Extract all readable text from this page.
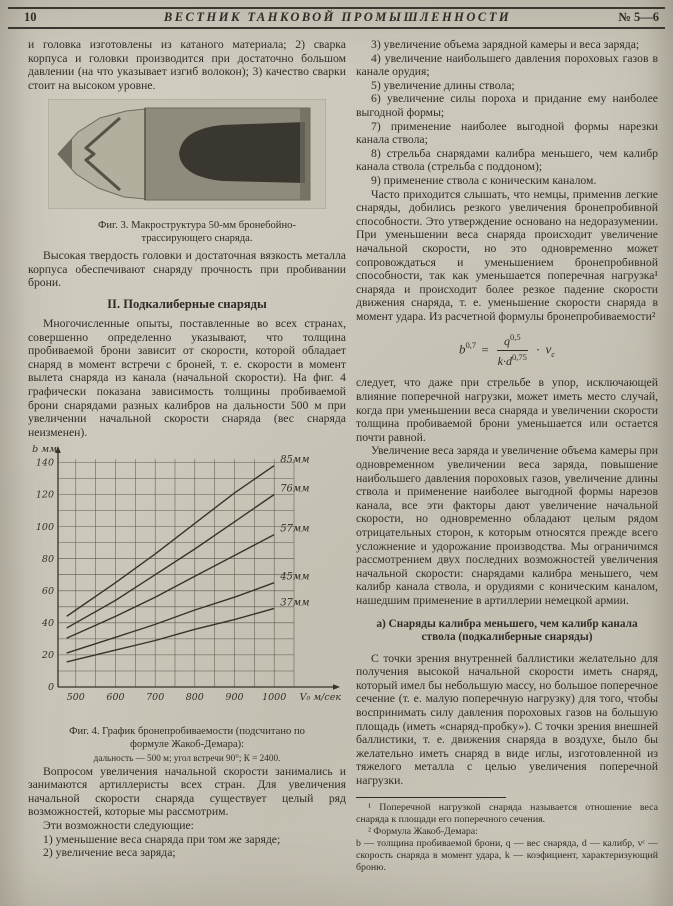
10	ВЕСТНИК ТАНКОВОЙ ПРОМЫШЛЕННОСТИ	№ 5—6

и головка изготовлены из катаного материала; 2) сварка корпуса и головки производится при достаточно большом давлении (на что указывает изгиб волокон); 3) качество сварки стоит на высоком уровне.

Фиг. 3. Макроструктура 50-мм бронебойно-трассирующего снаряда.

Высокая твердость головки и достаточная вязкость металла корпуса обеспечивают снаряду прочность при пробивании брони.

II. Подкалиберные снаряды

Многочисленные опыты, поставленные во всех странах, совершенно определенно указывают, что толщина пробиваемой брони зависит от скорости, которой обладает снаряд в момент встречи с броней, т. е. скорости в момент вылета снаряда из канала (начальной скорости). На фиг. 4 графически показана зависимость толщины пробиваемой брони снарядами разных калибров на дальности 500 м при увеличении начальной скорости снаряда (вес снаряда неизменен).

0
20
40
60
80
100
120
140
500 600 700 800 900 1000
b мм
V₀ м/сек
85мм
76мм
57мм
45мм
37мм
Фиг. 4. График бронепробиваемости (подсчитано по формуле Жакоб-Демара):
дальность — 500 м; угол встречи 90°; К = 2400.

Вопросом увеличения начальной скорости занимались и занимаются артиллеристы всех стран. Для увеличения начальной скорости снаряда существует целый ряд возможностей, которые мы рассмотрим.

Эти возможности следующие:

1) уменьшение веса снаряда при том же заряде;

2) увеличение веса заряда;

3) увеличение объема зарядной камеры и веса заряда;

4) увеличение наибольшего давления пороховых газов в канале орудия;

5) увеличение длины ствола;

6) увеличение силы пороха и придание ему наиболее выгодной формы;

7) применение наиболее выгодной формы нарезки канала ствола;

8) стрельба снарядами калибра меньшего, чем калибр канала ствола (стрельба с поддоном);

9) применение ствола с коническим каналом.

Часто приходится слышать, что немцы, применив легкие снаряды, добились резкого увеличения бронепробивной способности. Это утверждение основано на недоразумении. При уменьшении веса снаряда происходит увеличение начальной скорости, но это одновременно может сопровождаться и уменьшением бронепробивной способности, так как уменьшается поперечная нагрузка¹ снаряда и происходит более резкое падение скорости движения снаряда, т. е. уменьшение скорости снаряда в момент удара. Из расчетной формулы бронепробиваемости²

$b^{0,7} = \frac{q^{0,5}}{k\cdot d^{0,75}} \cdot v_c$

следует, что даже при стрельбе в упор, исключающей влияние поперечной нагрузки, может иметь место случай, когда при уменьшении веса снаряда и увеличении скорости толщина пробиваемой брони уменьшается или остается почти равной.

Увеличение веса заряда и увеличение объема камеры при одновременном увеличении веса заряда, повышение наибольшего давления пороховых газов, увеличение длины ствола и применение наиболее выгодной формы нарезов канала, все эти факторы дают увеличение начальной скорости, но одновременно обладают целым рядом отрицательных сторон, к которым относятся прежде всего усложнение и удорожание производства. Мы ограничимся рассмотрением двух последних возможностей увеличения начальной скорости: снарядами калибра меньшего, чем калибр канала ствола, и орудиями с коническим каналом, нашедшим применение в артиллерии немецкой армии.

а) Снаряды калибра меньшего, чем калибр канала ствола (подкалиберные снаряды)

С точки зрения внутренней баллистики желательно для получения высокой начальной скорости иметь снаряд, который имел бы небольшую массу, но большое поперечное сечение (т. е. малую поперечную нагрузку) для того, чтобы воспринимать силу давления пороховых газов на большую площадь (иметь «снаряд-пробку»). С точки зрения внешней баллистики, т. е. движения снаряда в воздухе, было бы желательно иметь снаряд в виде иглы, изготовленной из тяжелого металла с целью увеличения поперечной нагрузки.

¹ Поперечной нагрузкой снаряда называется отношение веса снаряда к площади его поперечного сечения.

² Формула Жакоб-Демара:

b — толщина пробиваемой брони, q — вес снаряда, d — калибр, vᶜ — скорость снаряда в момент удара, k — коэфициент, характеризующий броню.
